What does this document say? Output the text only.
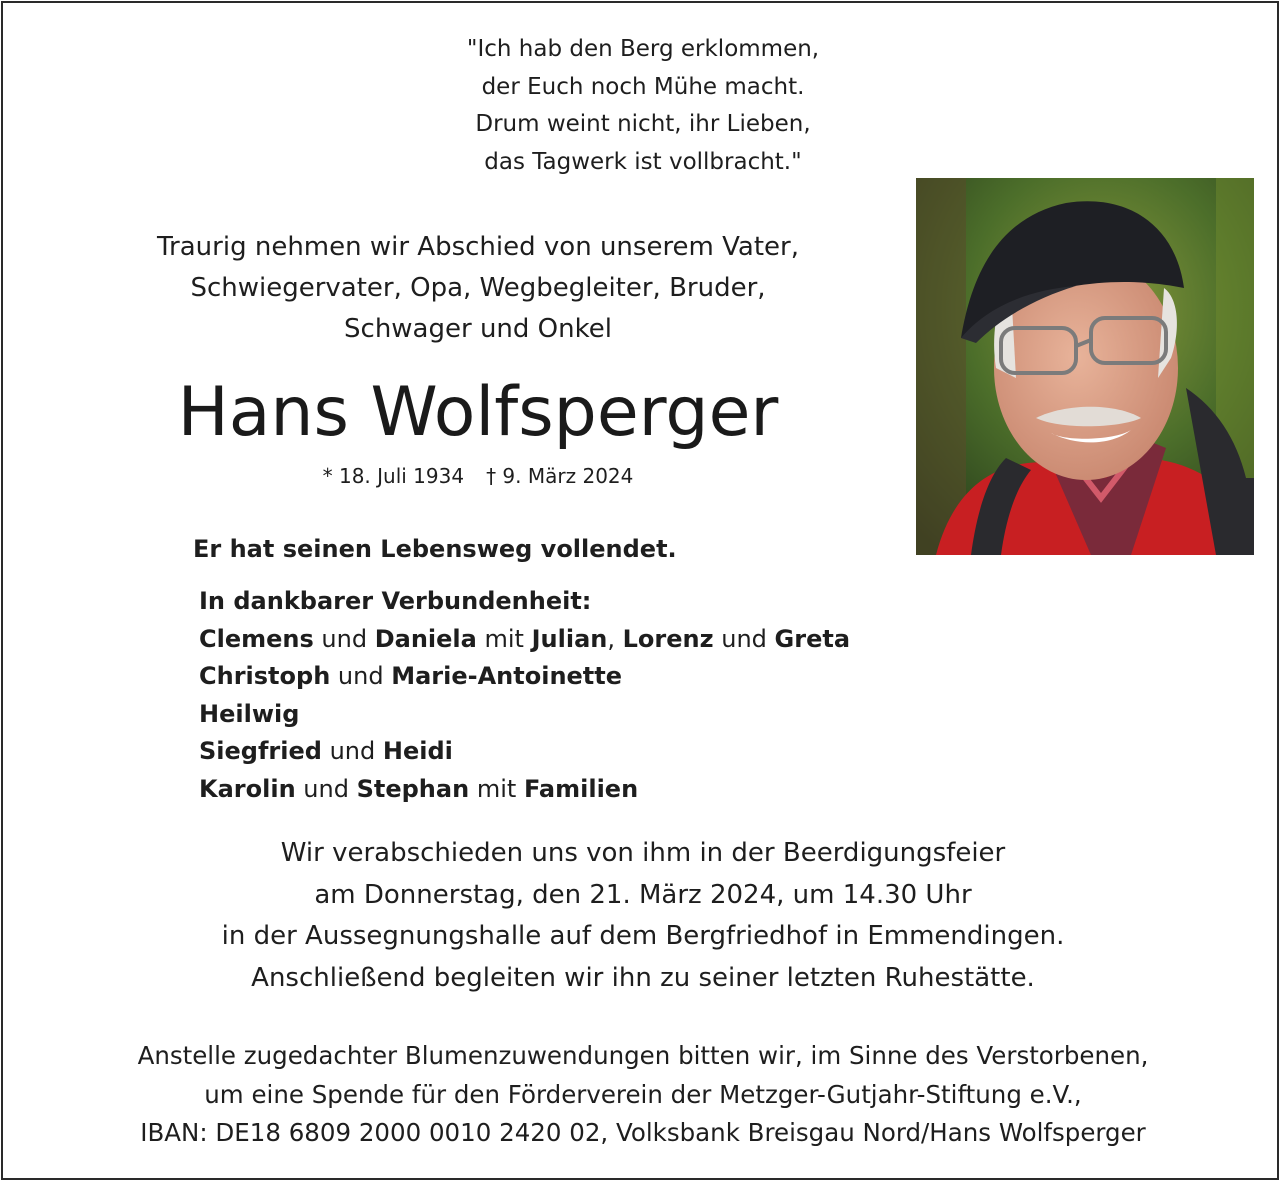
"Ich hab den Berg erklommen,
der Euch noch Mühe macht.
Drum weint nicht, ihr Lieben,
das Tagwerk ist vollbracht."
Traurig nehmen wir Abschied von unserem Vater,
Schwiegervater, Opa, Wegbegleiter, Bruder,
Schwager und Onkel
Hans Wolfsperger
* 18. Juli 1934 † 9. März 2024
Er hat seinen Lebensweg vollendet.
In dankbarer Verbundenheit:
Clemens und Daniela mit Julian, Lorenz und Greta
Christoph und Marie-Antoinette
Heilwig
Siegfried und Heidi
Karolin und Stephan mit Familien
Wir verabschieden uns von ihm in der Beerdigungsfeier
am Donnerstag, den 21. März 2024, um 14.30 Uhr
in der Aussegnungshalle auf dem Bergfriedhof in Emmendingen.
Anschließend begleiten wir ihn zu seiner letzten Ruhestätte.
Anstelle zugedachter Blumenzuwendungen bitten wir, im Sinne des Verstorbenen,
um eine Spende für den Förderverein der Metzger-Gutjahr-Stiftung e.V.,
IBAN: DE18 6809 2000 0010 2420 02, Volksbank Breisgau Nord/Hans Wolfsperger
